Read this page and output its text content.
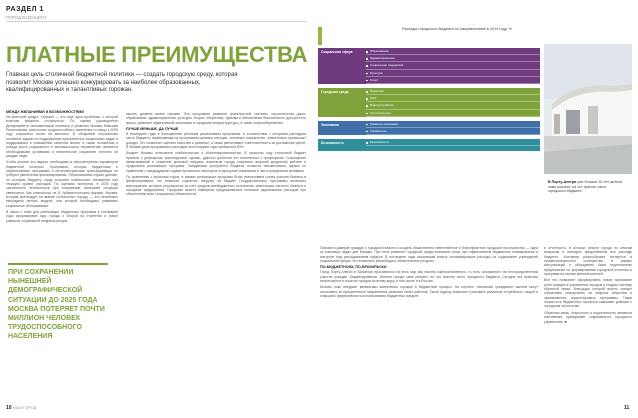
РАЗДЕЛ 1
ГОРОД БУДУЩЕГО
ПЛАТНЫЕ ПРЕИМУЩЕСТВА
Главная цель столичной бюджетной политики — создать городскую среду, которая позволит Москве успешно конкурировать за наиболее образованных, квалифицированных и талантливых горожан.

МЕЖДУ ЖЕЛАНИЯМИ И ВОЗМОЖНОСТЯМИ
На конечной цифре, страшит — это еще одна проблема, с которой властям придется столкнуться. По оценке руководителя Департамента экономической политики и развития Москвы Максима Решетникова, количество трудоспособного населения столицы к 2025 году сократится почти на миллион. В обозримой перспективе основные задачи по поддержанию приоритетных социальных задач и поддержанию и повышению качества жизни, а также положения в тренда роста социального и экономического неравенства, являются необходимыми условиями и влиятельное сохраняют теплоты на каждые люди.

Чтобы решать эти задачи, необходимо в пересмотрении параметров бюджетной политики. Программа, которая бюджетным и перспективные программы и интеллектуальные трансформации не требуют увеличения финансирования. Обоснованием служат данные, по которым бюджету город сохранит стабильные показатели при текущем уровне расходов. По оценкам экспертов, в 2025 году численность пенсионеров при сохранении нынешней ситуации увеличится. Как отмечалось на III Урбанистическом форуме, Москва, которая претендует на звание глобального города, — это неизбежно вынуждено менять модель, она которой необходимо развивать социальное обслуживание.

В связи с этим для реализации бюджетных программ в последние годы сформирован курс города с опорой на стратегии и новое развитие социальной инфраструктуры.

ПРИ СОХРАНЕНИИ НЫНЕШНЕЙ ДЕМОГРАФИЧЕСКОЙ СИТУАЦИИ ДО 2025 ГОДА МОСКВА ПОТЕРЯЕТ ПОЧТИ МИЛЛИОН ЧЕЛОВЕК ТРУДОСПОСОБНОГО НАСЕЛЕНИЯ

высить уровень жизни горожан. Эти программы развития транспортной системы, строительства дорог, образования, здравоохранения, культуры, спорта, энергетики, туризма и обеспечения безопасности, доступности жилья, развития эффективной экономики и городской инфраструктуры, а также энергосбережения.

ЛУЧШЕ МЕНЬШЕ, ДА ЛУЧШЕ
В последние годы в большинстве регионов реализованы программы, в соответствии с которыми расходная часть бюджета, применяемая на программно-целевых методах, основных показателях, значительно превышает доходы. Это позволяет оценить качество и развитие, а также увеличивает ответственность за достижение целей. В Москве доля программных расходов за последние годы превысила 90%.

Бюджет Москвы отличается стабильностью и сбалансированностью. В прошлом году столичный бюджет приняли с дефицитом, впоследствии, однако, удалось добиться его исполнения с профицитом. Сокращение заимствований и снижение долговой нагрузки позволили городу сохранить высокий кредитный рейтинг и продолжить реализацию программ. Ожидаемые приоритеты бюджета остаются неизменными, однако по сравнению с предыдущими годами произошли некоторые структурные изменения в части управления активами.

По сравнению с прошлым годом, в рамках реализации программ была реализована схема участия бизнеса в финансировании, что позволит сократить нагрузку на бюджет. Государственные программы включают мероприятия, которые реализуются за счёт средств внебюджетных источников: инвестиции частного бизнеса и городские предприятия. Городские власти намерены придерживаться политики сдерживания расходов при обеспечении всех социальных обязательств.

Расходы городского бюджета по направлениям в 2014 году, %
Социальная сфера	Образование
Здравоохранение
Социальная поддержка
Культура
Спорт
Городская среда	Транспорт
ЖКХ
Благоустройство
Строительство
Экономика	Развитие экономики
Управление
Безопасность	Безопасность
В Порту-Алегри уже больше 20 лет жители сами решают, на что тратить часть городского бюджета

Повысить доверие граждан к городской власти и создать общественно ответственное и благоприятное городское пространство — одна из ключевых задач для Москвы. При этом развитие городской среды возможно лишь при эффективном бюджетном планировании и контроле над расходованием средств. В последние годы московская власть оптимизировала расходы на содержание учреждений социальной сферы, что позволило высвободить значительные ресурсы.

ПО-БЮДЖЕТНОМУ, ПО-БРАЗИЛЬСКИ
Город Порту-Алегри в Бразилии прославился на весь мир как пионер партисипативного, то есть основанного на непосредственном участии граждан, бюджетирования. Жители города сами решают, на что тратить часть городского бюджета. Сегодня эта практика используется в тысячах городов по всему миру, в том числе и в России.

Москва тоже внедряет механизмы вовлечения горожан в бюджетный процесс. На портале «Активный гражданин» жители могут голосовать за приоритетные направления развития своих районов. Такой подход позволяет учитывать реальные потребности людей и повышать эффективность использования бюджетных средств.

в отчетности, в которых власти города по многим вопросам и наглядно представлены все расходы бюджета. Учитывая разнообразие экспертов и профессионального сообщества, в рамках консультаций и обсуждения были подготовлены предложения по формированию городской политики и программ на основе мнений жителей.

Все это позволяет сформировать новое понимание роли граждан в управлении городом и создать систему обратной связи, благодаря которой власть сможет оперативно реагировать на запросы общества и своевременно корректировать программы. Такая открытость бюджетного процесса повышает доверие к городским институтам.

Обратная связь, открытость и подотчетность являются ключевыми принципами современного городского управления. ■

10 НАШ ГОРОД	11
